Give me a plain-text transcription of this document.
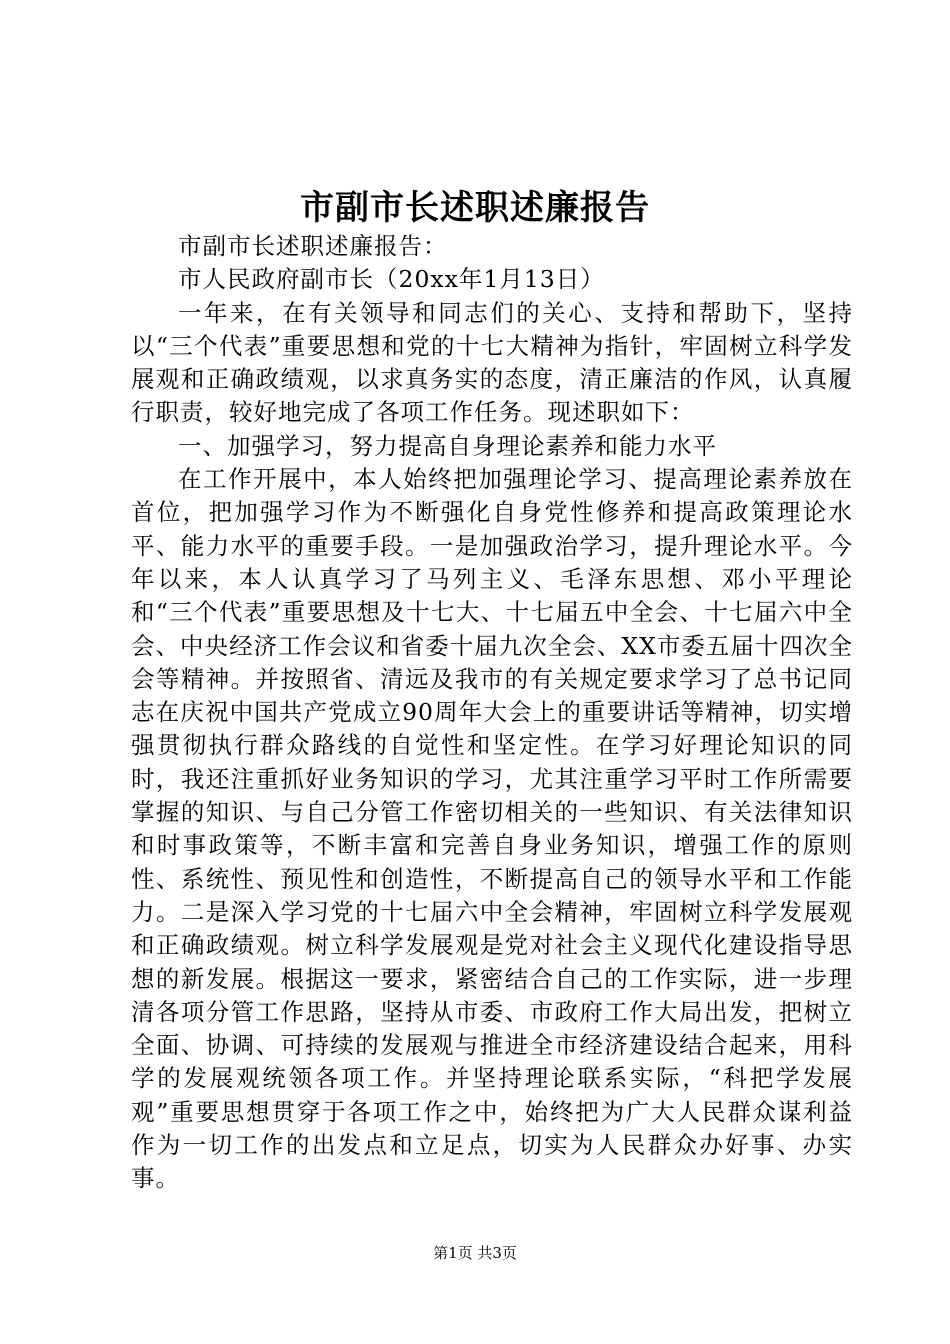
市副市长述职述廉报告

市副市长述职述廉报告：

市人民政府副市长（20xx年1月13日）

一年来，在有关领导和同志们的关心、支持和帮助下，坚持以“三个代表”重要思想和党的十七大精神为指针，牢固树立科学发展观和正确政绩观，以求真务实的态度，清正廉洁的作风，认真履行职责，较好地完成了各项工作任务。现述职如下：

一、加强学习，努力提高自身理论素养和能力水平

在工作开展中，本人始终把加强理论学习、提高理论素养放在首位，把加强学习作为不断强化自身党性修养和提高政策理论水平、能力水平的重要手段。一是加强政治学习，提升理论水平。今年以来，本人认真学习了马列主义、毛泽东思想、邓小平理论和“三个代表”重要思想及十七大、十七届五中全会、十七届六中全会、中央经济工作会议和省委十届九次全会、XX市委五届十四次全会等精神。并按照省、清远及我市的有关规定要求学习了总书记同志在庆祝中国共产党成立90周年大会上的重要讲话等精神，切实增强贯彻执行群众路线的自觉性和坚定性。在学习好理论知识的同时，我还注重抓好业务知识的学习，尤其注重学习平时工作所需要掌握的知识、与自己分管工作密切相关的一些知识、有关法律知识和时事政策等，不断丰富和完善自身业务知识，增强工作的原则性、系统性、预见性和创造性，不断提高自己的领导水平和工作能力。二是深入学习党的十七届六中全会精神，牢固树立科学发展观和正确政绩观。树立科学发展观是党对社会主义现代化建设指导思想的新发展。根据这一要求，紧密结合自己的工作实际，进一步理清各项分管工作思路，坚持从市委、市政府工作大局出发，把树立全面、协调、可持续的发展观与推进全市经济建设结合起来，用科学的发展观统领各项工作。并坚持理论联系实际，“科把学发展观”重要思想贯穿于各项工作之中，始终把为广大人民群众谋利益作为一切工作的出发点和立足点，切实为人民群众办好事、办实事。

第1页 共3页
